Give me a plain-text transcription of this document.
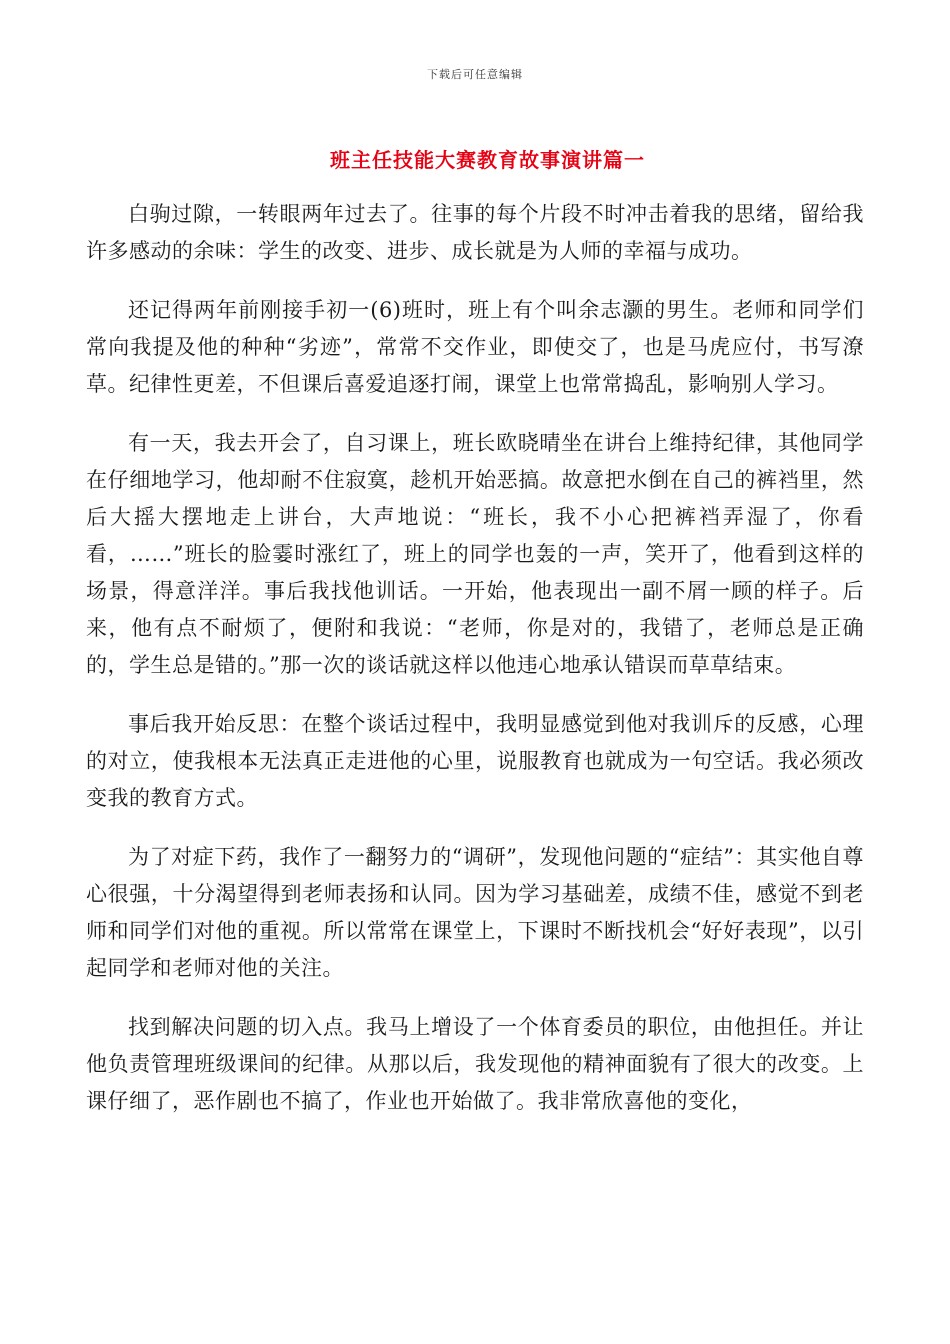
下载后可任意编辑
班主任技能大赛教育故事演讲篇一

白驹过隙，一转眼两年过去了。往事的每个片段不时冲击着我的思绪，留给我许多感动的余味：学生的改变、进步、成长就是为人师的幸福与成功。

还记得两年前刚接手初一(6)班时，班上有个叫余志灏的男生。老师和同学们常向我提及他的种种“劣迹”，常常不交作业，即使交了，也是马虎应付，书写潦草。纪律性更差，不但课后喜爱追逐打闹，课堂上也常常捣乱，影响别人学习。

有一天，我去开会了，自习课上，班长欧晓晴坐在讲台上维持纪律，其他同学在仔细地学习，他却耐不住寂寞，趁机开始恶搞。故意把水倒在自己的裤裆里，然后大摇大摆地走上讲台，大声地说：“班长，我不小心把裤裆弄湿了，你看看，……”班长的脸霎时涨红了，班上的同学也轰的一声，笑开了，他看到这样的场景，得意洋洋。事后我找他训话。一开始，他表现出一副不屑一顾的样子。后来，他有点不耐烦了，便附和我说：“老师，你是对的，我错了，老师总是正确的，学生总是错的。”那一次的谈话就这样以他违心地承认错误而草草结束。

事后我开始反思：在整个谈话过程中，我明显感觉到他对我训斥的反感，心理的对立，使我根本无法真正走进他的心里，说服教育也就成为一句空话。我必须改变我的教育方式。

为了对症下药，我作了一翻努力的“调研”，发现他问题的“症结”：其实他自尊心很强，十分渴望得到老师表扬和认同。因为学习基础差，成绩不佳，感觉不到老师和同学们对他的重视。所以常常在课堂上，下课时不断找机会“好好表现”，以引起同学和老师对他的关注。

找到解决问题的切入点。我马上增设了一个体育委员的职位，由他担任。并让他负责管理班级课间的纪律。从那以后，我发现他的精神面貌有了很大的改变。上课仔细了，恶作剧也不搞了，作业也开始做了。我非常欣喜他的变化，
